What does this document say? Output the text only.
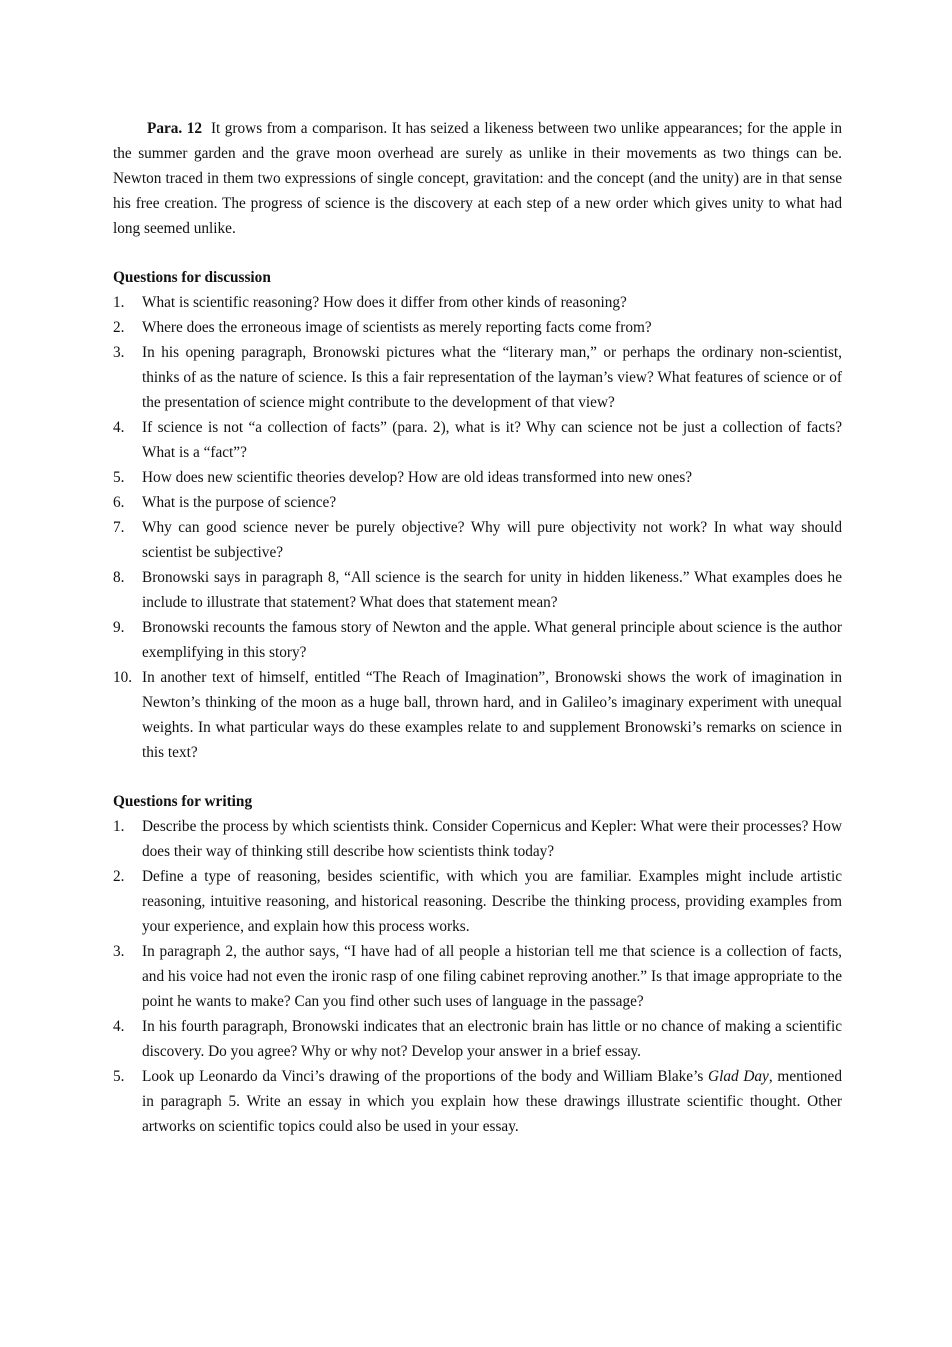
Para. 12 It grows from a comparison. It has seized a likeness between two unlike appearances; for the apple in the summer garden and the grave moon overhead are surely as unlike in their movements as two things can be. Newton traced in them two expressions of single concept, gravitation: and the concept (and the unity) are in that sense his free creation. The progress of science is the discovery at each step of a new order which gives unity to what had long seemed unlike.

Questions for discussion
1. What is scientific reasoning? How does it differ from other kinds of reasoning?
2. Where does the erroneous image of scientists as merely reporting facts come from?
3. In his opening paragraph, Bronowski pictures what the “literary man,” or perhaps the ordinary non-scientist, thinks of as the nature of science. Is this a fair representation of the layman’s view? What features of science or of the presentation of science might contribute to the development of that view?
4. If science is not “a collection of facts” (para. 2), what is it? Why can science not be just a collection of facts? What is a “fact”?
5. How does new scientific theories develop? How are old ideas transformed into new ones?
6. What is the purpose of science?
7. Why can good science never be purely objective? Why will pure objectivity not work? In what way should scientist be subjective?
8. Bronowski says in paragraph 8, “All science is the search for unity in hidden likeness.” What examples does he include to illustrate that statement? What does that statement mean?
9. Bronowski recounts the famous story of Newton and the apple. What general principle about science is the author exemplifying in this story?
10. In another text of himself, entitled “The Reach of Imagination”, Bronowski shows the work of imagination in Newton’s thinking of the moon as a huge ball, thrown hard, and in Galileo’s imaginary experiment with unequal weights. In what particular ways do these examples relate to and supplement Bronowski’s remarks on science in this text?
Questions for writing
1. Describe the process by which scientists think. Consider Copernicus and Kepler: What were their processes? How does their way of thinking still describe how scientists think today?
2. Define a type of reasoning, besides scientific, with which you are familiar. Examples might include artistic reasoning, intuitive reasoning, and historical reasoning. Describe the thinking process, providing examples from your experience, and explain how this process works.
3. In paragraph 2, the author says, “I have had of all people a historian tell me that science is a collection of facts, and his voice had not even the ironic rasp of one filing cabinet reproving another.” Is that image appropriate to the point he wants to make? Can you find other such uses of language in the passage?
4. In his fourth paragraph, Bronowski indicates that an electronic brain has little or no chance of making a scientific discovery. Do you agree? Why or why not? Develop your answer in a brief essay.
5. Look up Leonardo da Vinci’s drawing of the proportions of the body and William Blake’s Glad Day, mentioned in paragraph 5. Write an essay in which you explain how these drawings illustrate scientific thought. Other artworks on scientific topics could also be used in your essay.
